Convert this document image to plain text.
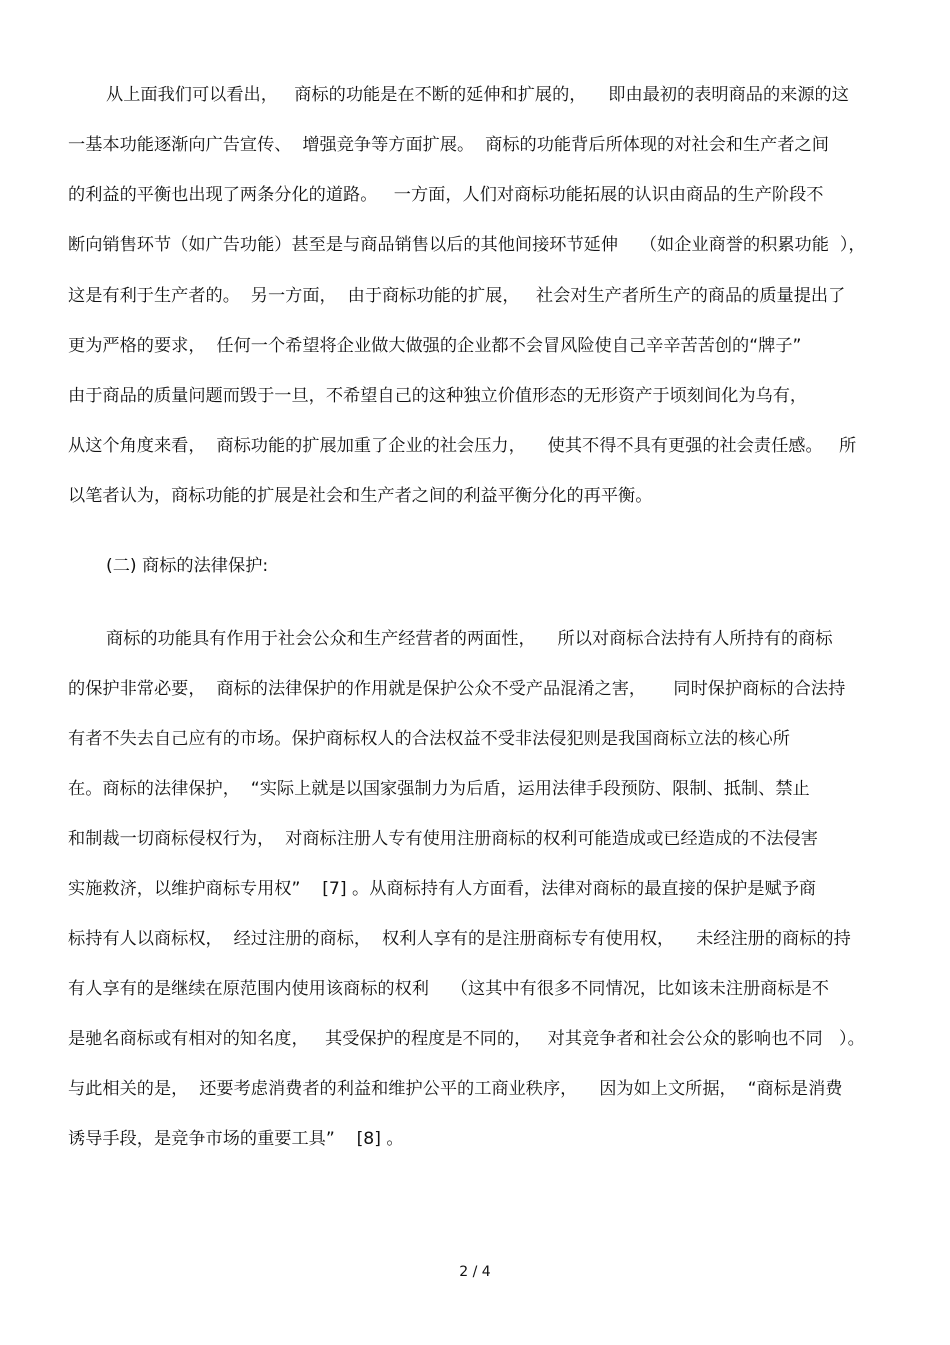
从上面我们可以看出，   商标的功能是在不断的延伸和扩展的，    即由最初的表明商品的来源的这
一基本功能逐渐向广告宣传、  增强竞争等方面扩展。  商标的功能背后所体现的对社会和生产者之间
的利益的平衡也出现了两条分化的道路。   一方面，人们对商标功能拓展的认识由商品的生产阶段不
断向销售环节（如广告功能）甚至是与商品销售以后的其他间接环节延伸    （如企业商誉的积累功能  ），
这是有利于生产者的。  另一方面，  由于商标功能的扩展，   社会对生产者所生产的商品的质量提出了
更为严格的要求，  任何一个希望将企业做大做强的企业都不会冒风险使自己辛辛苦苦创的“牌子”
由于商品的质量问题而毁于一旦，不希望自己的这种独立价值形态的无形资产于顷刻间化为乌有，
从这个角度来看，  商标功能的扩展加重了企业的社会压力，    使其不得不具有更强的社会责任感。   所
以笔者认为，商标功能的扩展是社会和生产者之间的利益平衡分化的再平衡。
(二) 商标的法律保护:
商标的功能具有作用于社会公众和生产经营者的两面性，    所以对商标合法持有人所持有的商标
的保护非常必要，  商标的法律保护的作用就是保护公众不受产品混淆之害，     同时保护商标的合法持
有者不失去自己应有的市场。保护商标权人的合法权益不受非法侵犯则是我国商标立法的核心所
在。商标的法律保护，  “实际上就是以国家强制力为后盾，运用法律手段预防、限制、抵制、禁止
和制裁一切商标侵权行为，  对商标注册人专有使用注册商标的权利可能造成或已经造成的不法侵害
实施救济，以维护商标专用权”    [7] 。从商标持有人方面看，法律对商标的最直接的保护是赋予商
标持有人以商标权，  经过注册的商标，  权利人享有的是注册商标专有使用权，    未经注册的商标的持
有人享有的是继续在原范围内使用该商标的权利    （这其中有很多不同情况，比如该未注册商标是不
是驰名商标或有相对的知名度，   其受保护的程度是不同的，   对其竞争者和社会公众的影响也不同   ）。
与此相关的是，  还要考虑消费者的利益和维护公平的工商业秩序，    因为如上文所据，  “商标是消费
诱导手段，是竞争市场的重要工具”    [8] 。
2 / 4
